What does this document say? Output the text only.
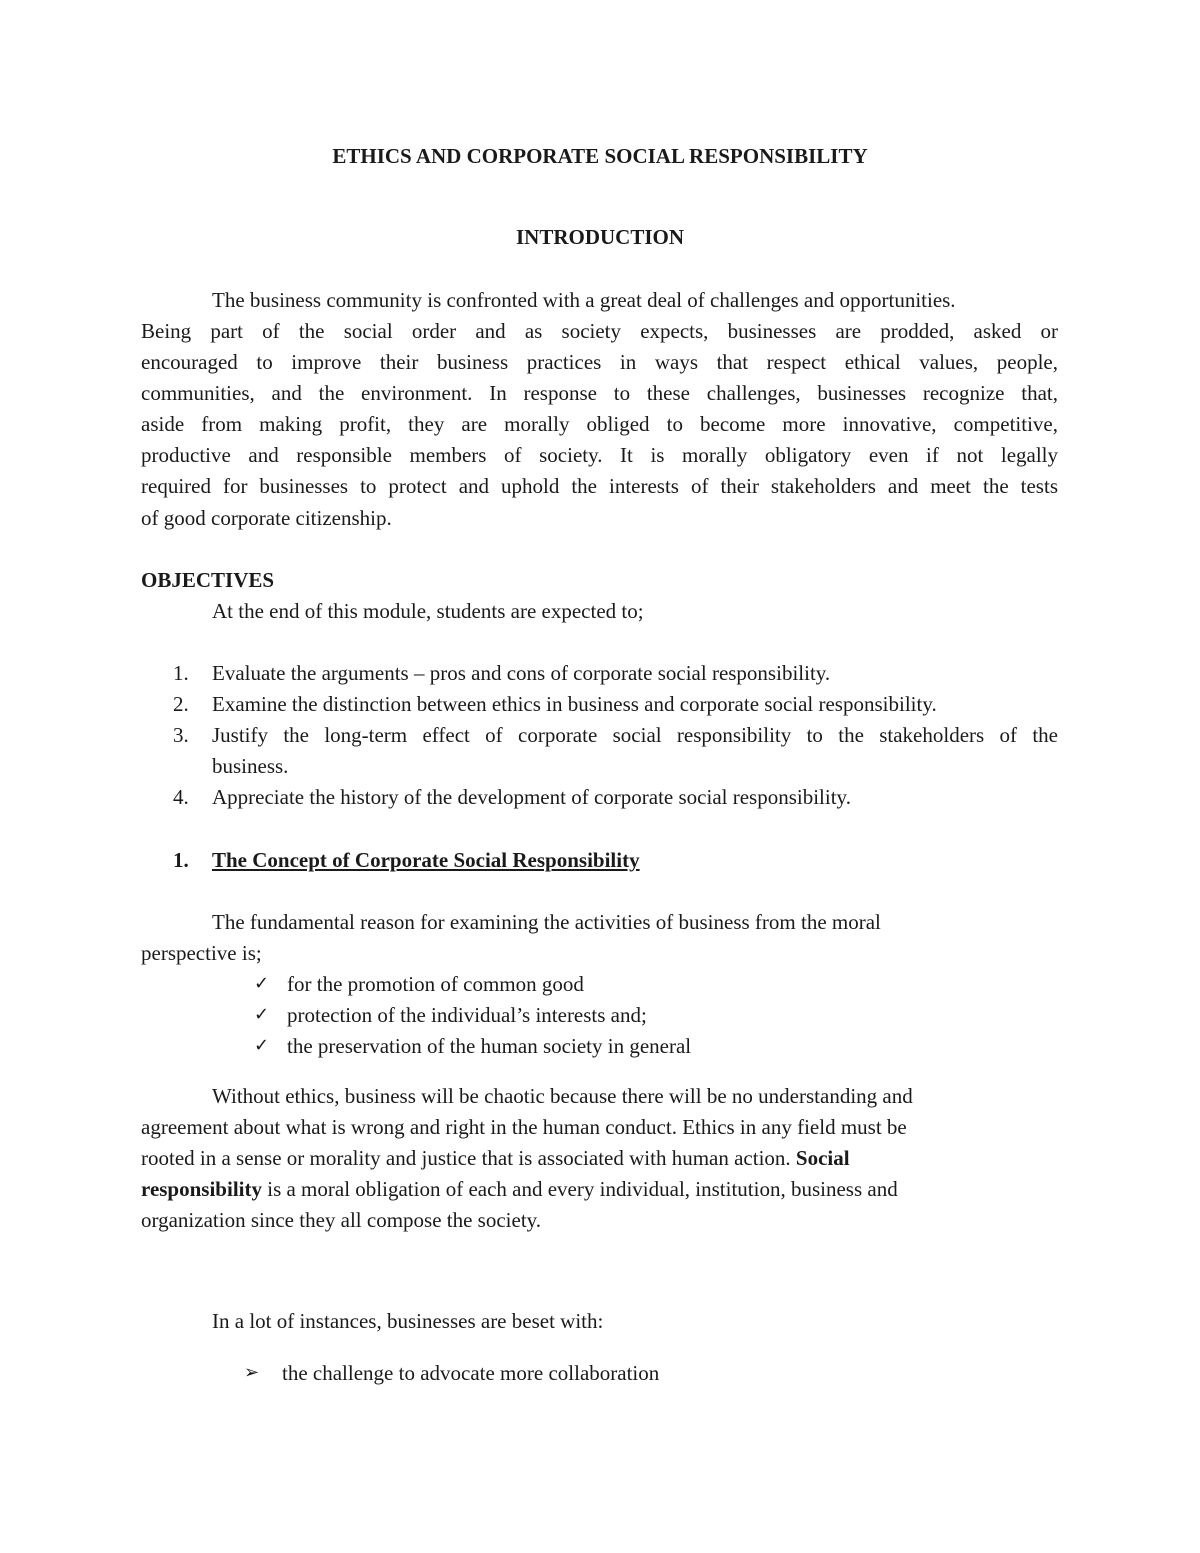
ETHICS AND CORPORATE SOCIAL RESPONSIBILITY
INTRODUCTION
The business community is confronted with a great deal of challenges and opportunities.
Being part of the social order and as society expects, businesses are prodded, asked or
encouraged to improve their business practices in ways that respect ethical values, people,
communities, and the environment. In response to these challenges, businesses recognize that,
aside from making profit, they are morally obliged to become more innovative, competitive,
productive and responsible members of society. It is morally obligatory even if not legally
required for businesses to protect and uphold the interests of their stakeholders and meet the tests
of good corporate citizenship.
OBJECTIVES
At the end of this module, students are expected to;
1. Evaluate the arguments – pros and cons of corporate social responsibility.
2. Examine the distinction between ethics in business and corporate social responsibility.
3. Justify the long-term effect of corporate social responsibility to the stakeholders of the
business.
4. Appreciate the history of the development of corporate social responsibility.
1. The Concept of Corporate Social Responsibility
The fundamental reason for examining the activities of business from the moral
perspective is;
✓ for the promotion of common good
✓ protection of the individual’s interests and;
✓ the preservation of the human society in general
Without ethics, business will be chaotic because there will be no understanding and
agreement about what is wrong and right in the human conduct. Ethics in any field must be
rooted in a sense or morality and justice that is associated with human action. Social
responsibility is a moral obligation of each and every individual, institution, business and
organization since they all compose the society.
In a lot of instances, businesses are beset with:
➢ the challenge to advocate more collaboration
